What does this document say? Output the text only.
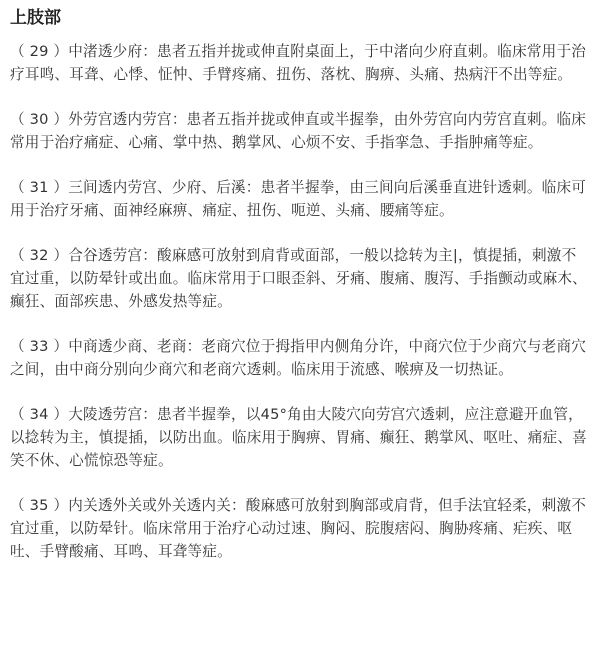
上肢部

（ 29 ）中渚透少府：患者五指并拢或伸直附桌面上，于中渚向少府直刺。临床常用于治疗耳鸣、耳聋、心悸、怔忡、手臂疼痛、扭伤、落枕、胸痹、头痛、热病汗不出等症。

（ 30 ）外劳宫透内劳宫：患者五指并拢或伸直或半握拳，由外劳宫向内劳宫直刺。临床常用于治疗痛症、心痛、掌中热、鹅掌风、心烦不安、手指挛急、手指肿痛等症。

（ 31 ）三间透内劳宫、少府、后溪：患者半握拳，由三间向后溪垂直进针透刺。临床可用于治疗牙痛、面神经麻痹、痛症、扭伤、呃逆、头痛、腰痛等症。

（ 32 ）合谷透劳宫：酸麻感可放射到肩背或面部，一般以捻转为主|，慎提插，刺激不宜过重，以防晕针或出血。临床常用于口眼歪斜、牙痛、腹痛、腹泻、手指颤动或麻木、癫狂、面部疾患、外感发热等症。

（ 33 ）中商透少商、老商：老商穴位于拇指甲内侧角分许，中商穴位于少商穴与老商穴之间，由中商分别向少商穴和老商穴透刺。临床用于流感、喉痹及一切热证。

（ 34 ）大陵透劳宫：患者半握拳，以45°角由大陵穴向劳宫穴透刺，应注意避开血管，以捻转为主，慎提插，以防出血。临床用于胸痹、胃痛、癫狂、鹅掌风、呕吐、痛症、喜笑不休、心慌惊恐等症。

（ 35 ）内关透外关或外关透内关：酸麻感可放射到胸部或肩背，但手法宜轻柔，刺激不宜过重，以防晕针。临床常用于治疗心动过速、胸闷、脘腹痞闷、胸胁疼痛、疟疾、呕吐、手臂酸痛、耳鸣、耳聋等症。
